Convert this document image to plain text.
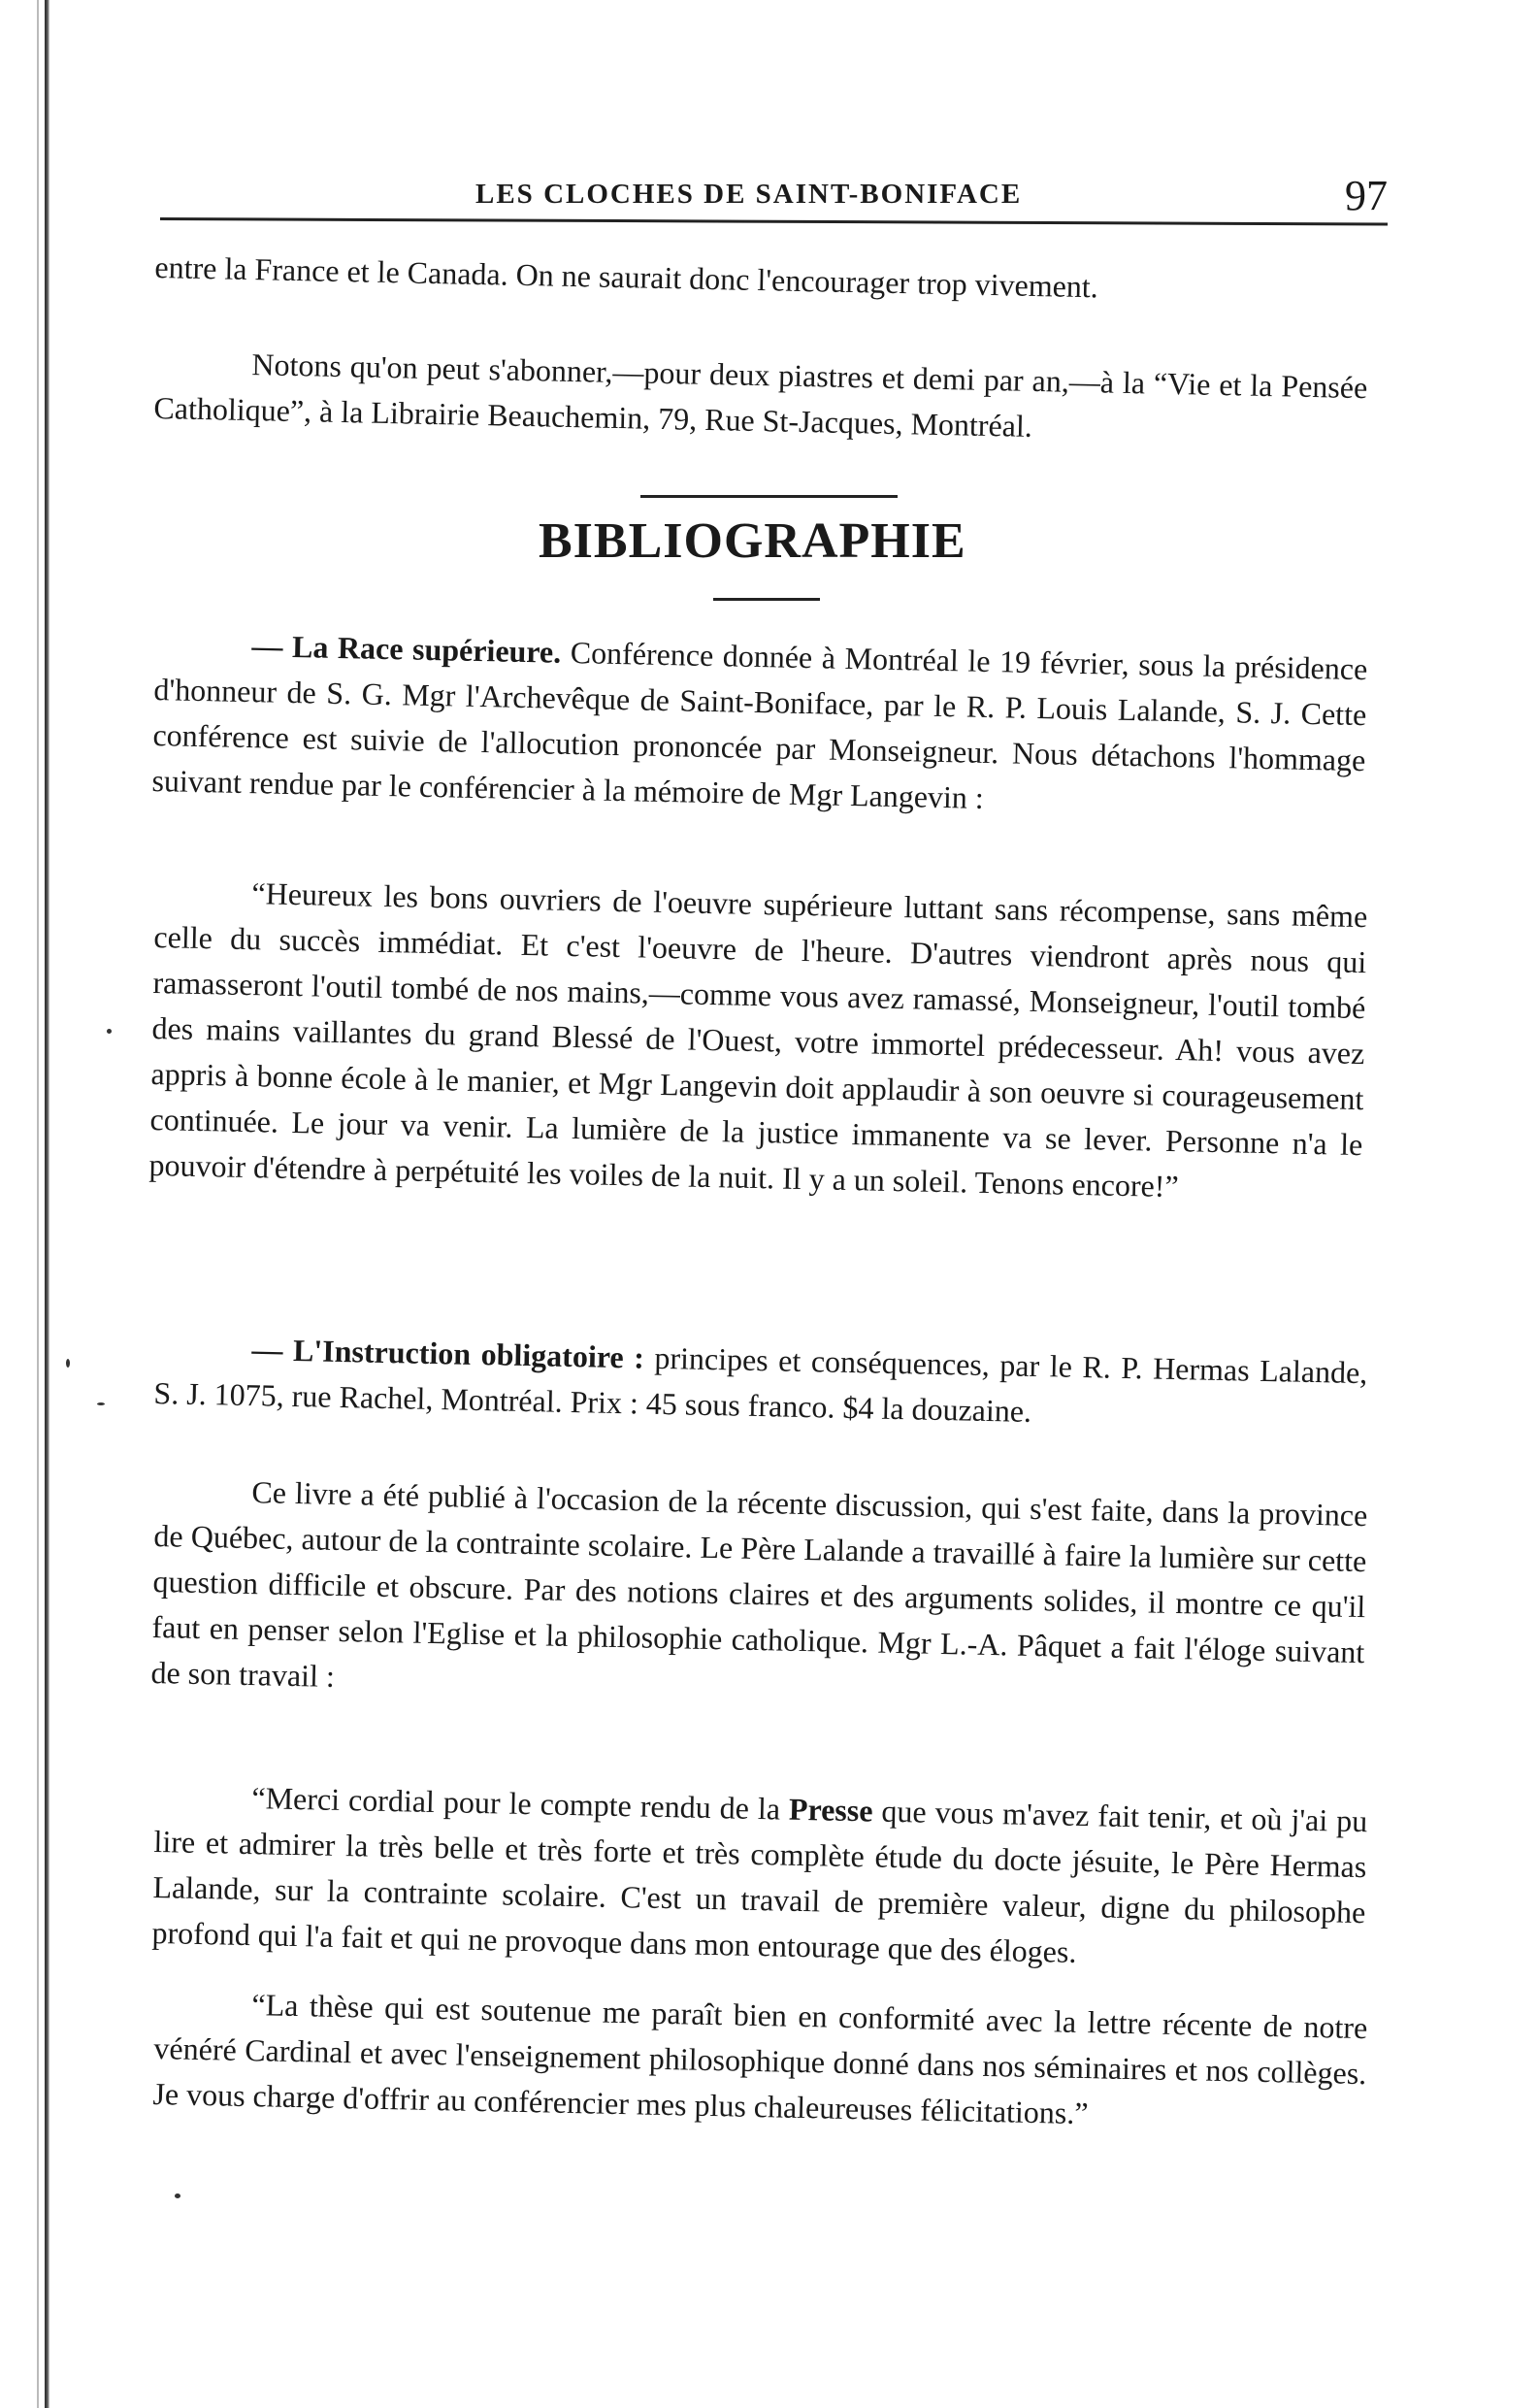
LES CLOCHES DE SAINT-BONIFACE	97

entre la France et le Canada. On ne saurait donc l'encourager trop vivement.

Notons qu'on peut s'abonner,—pour deux piastres et demi par an,—à la “Vie et la Pensée Catholique”, à la Librairie Beauchemin, 79, Rue St-Jacques, Montréal.

BIBLIOGRAPHIE

— La Race supérieure. Conférence donnée à Montréal le 19 février, sous la présidence d'honneur de S. G. Mgr l'Archevêque de Saint-Boniface, par le R. P. Louis Lalande, S. J. Cette conférence est suivie de l'allocution prononcée par Monseigneur. Nous détachons l'hommage suivant rendue par le conférencier à la mémoire de Mgr Langevin :

“Heureux les bons ouvriers de l'oeuvre supérieure luttant sans récompense, sans même celle du succès immédiat. Et c'est l'oeuvre de l'heure. D'autres viendront après nous qui ramasseront l'outil tombé de nos mains,—comme vous avez ramassé, Monseigneur, l'outil tombé des mains vaillantes du grand Blessé de l'Ouest, votre immortel prédecesseur. Ah! vous avez appris à bonne école à le manier, et Mgr Langevin doit applaudir à son oeuvre si courageusement continuée. Le jour va venir. La lumière de la justice immanente va se lever. Personne n'a le pouvoir d'étendre à perpétuité les voiles de la nuit. Il y a un soleil. Tenons encore!”

— L'Instruction obligatoire : principes et conséquences, par le R. P. Hermas Lalande, S. J. 1075, rue Rachel, Montréal. Prix : 45 sous franco. $4 la douzaine.

Ce livre a été publié à l'occasion de la récente discussion, qui s'est faite, dans la province de Québec, autour de la contrainte scolaire. Le Père Lalande a travaillé à faire la lumière sur cette question difficile et obscure. Par des notions claires et des arguments solides, il montre ce qu'il faut en penser selon l'Eglise et la philosophie catholique. Mgr L.-A. Pâquet a fait l'éloge suivant de son travail :

“Merci cordial pour le compte rendu de la Presse que vous m'avez fait tenir, et où j'ai pu lire et admirer la très belle et très forte et très complète étude du docte jésuite, le Père Hermas Lalande, sur la contrainte scolaire. C'est un travail de première valeur, digne du philosophe profond qui l'a fait et qui ne provoque dans mon entourage que des éloges.

“La thèse qui est soutenue me paraît bien en conformité avec la lettre récente de notre vénéré Cardinal et avec l'enseignement philosophique donné dans nos séminaires et nos collèges. Je vous charge d'offrir au conférencier mes plus chaleureuses félicitations.”
